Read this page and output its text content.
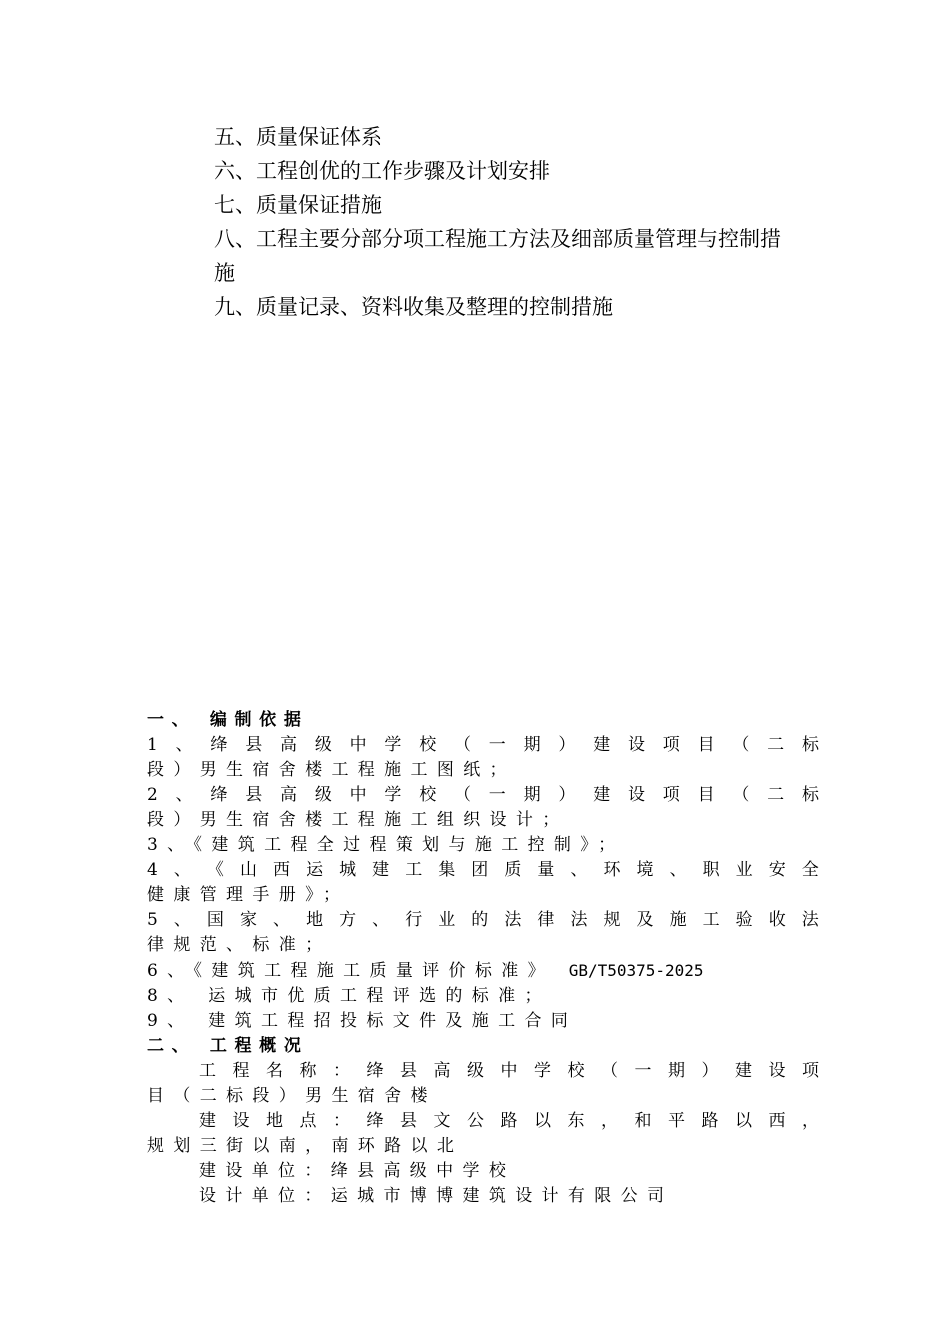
五、质量保证体系

六、工程创优的工作步骤及计划安排

七、质量保证措施

八、工程主要分部分项工程施工方法及细部质量管理与控制措

施

九、质量记录、资料收集及整理的控制措施

一、 编制依据

1 、 绛 县 高 级 中 学 校 （ 一 期 ） 建 设 项 目 （ 二 标

段）男生宿舍楼工程施工图纸；

2 、 绛 县 高 级 中 学 校 （ 一 期 ） 建 设 项 目 （ 二 标

段）男生宿舍楼工程施工组织设计；

3、《建筑工程全过程策划与施工控制》；

4 、 《 山 西 运 城 建 工 集 团 质 量 、 环 境 、 职 业 安 全

健康管理手册》；

5 、 国 家 、 地 方 、 行 业 的 法 律 法 规 及 施 工 验 收 法

律规范、标准；

6、《建筑工程施工质量评价标准》 GB/T50375-2025

8、 运城市优质工程评选的标准；

9、 建筑工程招投标文件及施工合同

二、 工程概况

工 程 名 称 ： 绛 县 高 级 中 学 校 （ 一 期 ） 建 设 项

目（二标段）男生宿舍楼

建 设 地 点 ： 绛 县 文 公 路 以 东 ， 和 平 路 以 西 ，

规划三街以南，南环路以北

建设单位：绛县高级中学校

设计单位：运城市博博建筑设计有限公司
